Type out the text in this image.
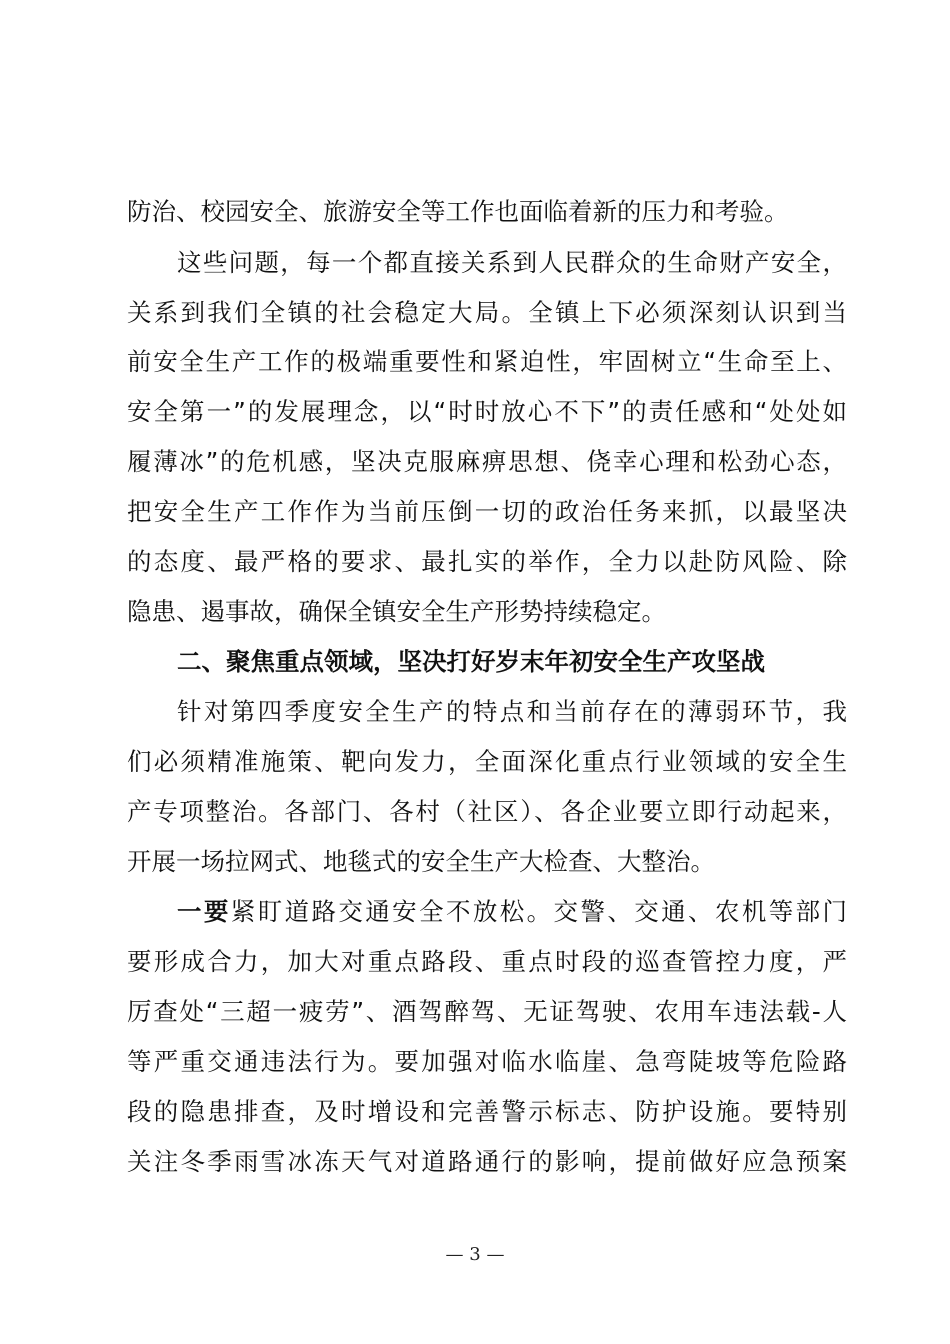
防治、校园安全、旅游安全等工作也面临着新的压力和考验。
这些问题，每一个都直接关系到人民群众的生命财产安全，
关系到我们全镇的社会稳定大局。全镇上下必须深刻认识到当
前安全生产工作的极端重要性和紧迫性，牢固树立“生命至上、
安全第一”的发展理念，以“时时放心不下”的责任感和“处处如
履薄冰”的危机感，坚决克服麻痹思想、侥幸心理和松劲心态，
把安全生产工作作为当前压倒一切的政治任务来抓，以最坚决
的态度、最严格的要求、最扎实的举作，全力以赴防风险、除
隐患、遏事故，确保全镇安全生产形势持续稳定。
二、聚焦重点领域，坚决打好岁末年初安全生产攻坚战
针对第四季度安全生产的特点和当前存在的薄弱环节，我
们必须精准施策、靶向发力，全面深化重点行业领域的安全生
产专项整治。各部门、各村（社区）、各企业要立即行动起来，
开展一场拉网式、地毯式的安全生产大检查、大整治。
一要紧盯道路交通安全不放松。交警、交通、农机等部门
要形成合力，加大对重点路段、重点时段的巡查管控力度，严
厉查处“三超一疲劳”、酒驾醉驾、无证驾驶、农用车违法载-人
等严重交通违法行为。要加强对临水临崖、急弯陡坡等危险路
段的隐患排查，及时增设和完善警示标志、防护设施。要特别
关注冬季雨雪冰冻天气对道路通行的影响，提前做好应急预案
— 3 —
